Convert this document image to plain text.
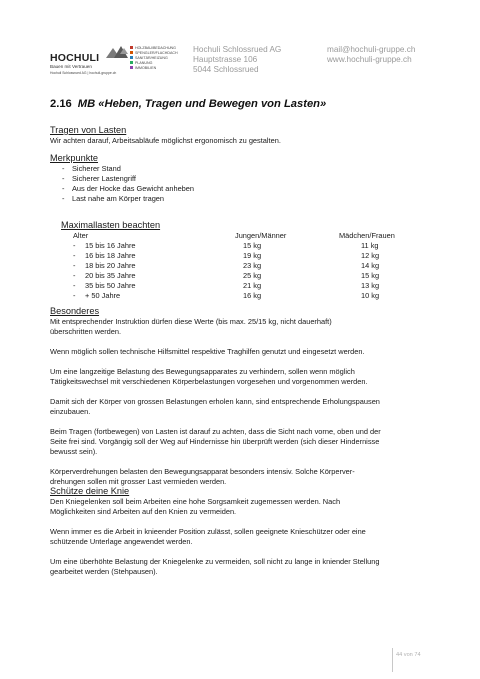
HOCHULI
Bauen mit Vertrauen
Hochuli Schlossrued AG | hochuli-gruppe.ch
HOLZBAU/BEDACHUNG
SPENGLER/FLACHDACH
SANITÄR/HEIZUNG
PLANUNG
IMMOBILIEN
Hochuli Schlossrued AG
Hauptstrasse 106
5044 Schlossrued
mail@hochuli-gruppe.ch
www.hochuli-gruppe.ch
2.16 MB «Heben, Tragen und Bewegen von Lasten»
Tragen von Lasten

Wir achten darauf, Arbeitsabläufe möglichst ergonomisch zu gestalten.

Merkpunkte
- Sicherer Stand
- Sicherer Lastengriff
- Aus der Hocke das Gewicht anheben
- Last nahe am Körper tragen
Maximallasten beachten
Alter	Jungen/Männer	Mädchen/Frauen
- 15 bis 16 Jahre	15 kg	11 kg
- 16 bis 18 Jahre	19 kg	12 kg
- 18 bis 20 Jahre	23 kg	14 kg
- 20 bis 35 Jahre	25 kg	15 kg
- 35 bis 50 Jahre	21 kg	13 kg
- + 50 Jahre	16 kg	10 kg
Besonderes
Mit entsprechender Instruktion dürfen diese Werte (bis max. 25/15 kg, nicht dauerhaft)
überschritten werden.
Wenn möglich sollen technische Hilfsmittel respektive Traghilfen genutzt und eingesetzt werden.
Um eine langzeitige Belastung des Bewegungsapparates zu verhindern, sollen wenn möglich
Tätigkeitswechsel mit verschiedenen Körperbelastungen vorgesehen und vorgenommen werden.
Damit sich der Körper von grossen Belastungen erholen kann, sind entsprechende Erholungspausen
einzubauen.
Beim Tragen (fortbewegen) von Lasten ist darauf zu achten, dass die Sicht nach vorne, oben und der
Seite frei sind. Vorgängig soll der Weg auf Hindernisse hin überprüft werden (sich dieser Hindernisse
bewusst sein).
Körperverdrehungen belasten den Bewegungsapparat besonders intensiv. Solche Körperver-
drehungen sollen mit grosser Last vermieden werden.
Schütze deine Knie
Den Kniegelenken soll beim Arbeiten eine hohe Sorgsamkeit zugemessen werden. Nach
Möglichkeiten sind Arbeiten auf den Knien zu vermeiden.
Wenn immer es die Arbeit in knieender Position zulässt, sollen geeignete Knieschützer oder eine
schützende Unterlage angewendet werden.
Um eine überhöhte Belastung der Kniegelenke zu vermeiden, soll nicht zu lange in kniender Stellung
gearbeitet werden (Stehpausen).
44 von 74
